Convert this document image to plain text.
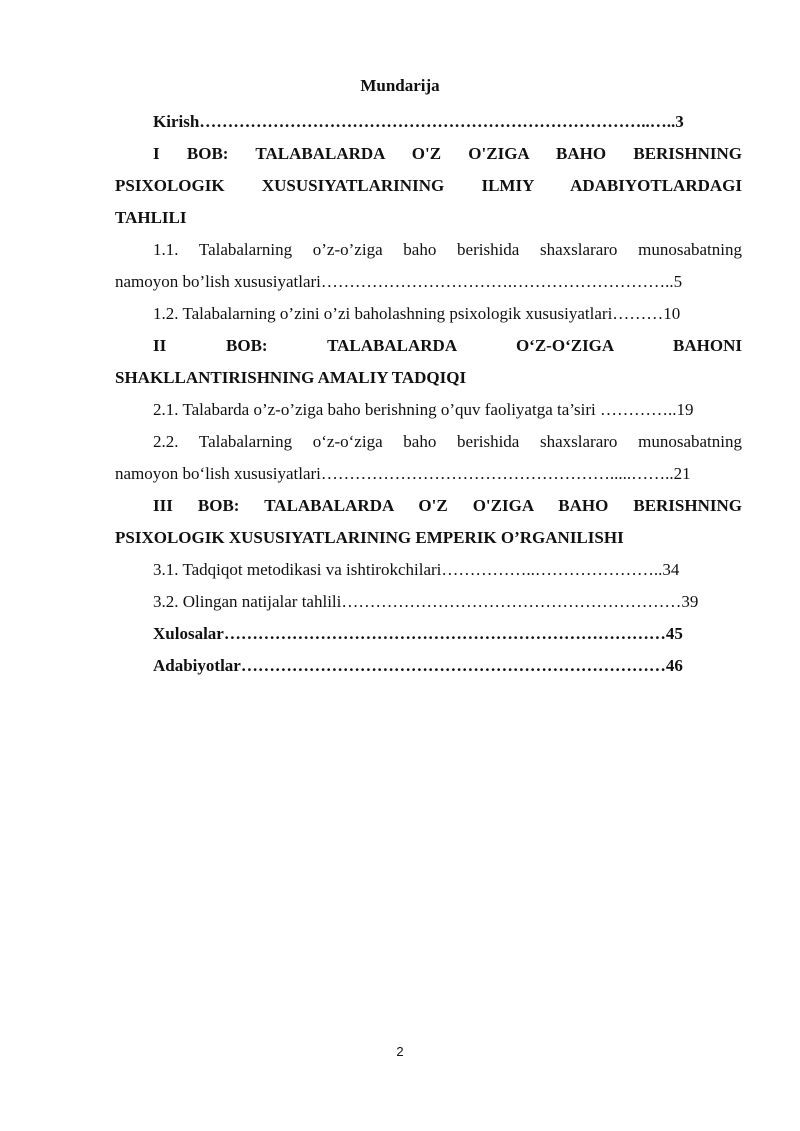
Mundarija
Kirish……………………………………………………………………..…..3
I BOB: TALABALARDA O'Z O'ZIGA BAHO BERISHNING
PSIXOLOGIK XUSUSIYATLARINING ILMIY ADABIYOTLARDAGI
TAHLILI
1.1. Talabalarning o’z-o’ziga baho berishida shaxslararo munosabatning
namoyon bo’lish xususiyatlari…………………………….………………………..5
1.2. Talabalarning o’zini o’zi baholashning psixologik xususiyatlari………10
II BOB: TALABALARDA O‘Z-O‘ZIGA BAHONI
SHAKLLANTIRISHNING AMALIY TADQIQI
2.1. Talabarda o’z-o’ziga baho berishning o’quv faoliyatga ta’siri …………..19
2.2. Talabalarning o‘z-o‘ziga baho berishida shaxslararo munosabatning
namoyon bo‘lish xususiyatlari…………………………………………….....……..21
III BOB: TALABALARDA O'Z O'ZIGA BAHO BERISHNING
PSIXOLOGIK XUSUSIYATLARINING EMPERIK O’RGANILISHI
3.1. Tadqiqot metodikasi va ishtirokchilari……………..…………………..34
3.2. Olingan natijalar tahlili……………………………………………………39
Xulosalar……………………………………………………………………45
Adabiyotlar…………………………………………………………………46
2
